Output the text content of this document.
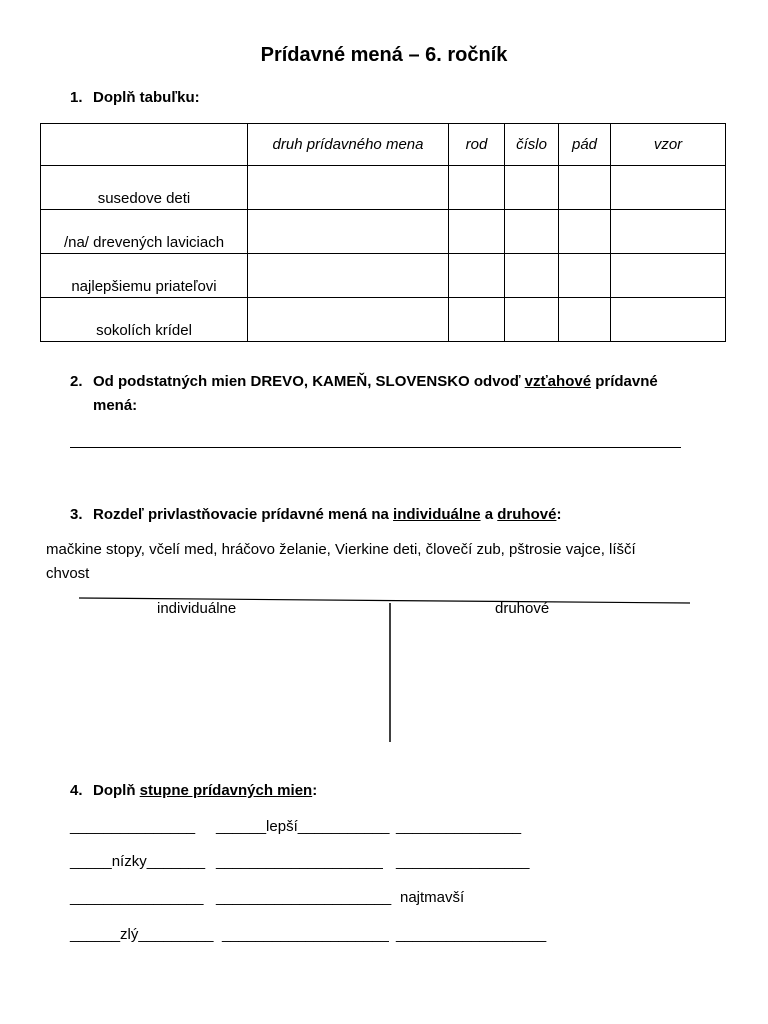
Prídavné mená – 6. ročník
1. Doplň tabuľku:
	druh prídavného mena	rod	číslo	pád	vzor
susedove deti					
/na/ drevených laviciach					
najlepšiemu priateľovi					
sokolích krídel					
2. Od podstatných mien DREVO, KAMEŇ, SLOVENSKO odvoď vzťahové prídavné
mená:
3. Rozdeľ privlastňovacie prídavné mená na individuálne a druhové:
mačkine stopy, včelí med, hráčovo želanie, Vierkine deti, človečí zub, pštrosie vajce, líščí
chvost
individuálne	druhové
4. Doplň stupne prídavných mien:
_______________ ______lepší___________ _______________
_____nízky_______ ____________________ ________________
________________ _____________________ najtmavší
______zlý_________ ____________________ __________________
